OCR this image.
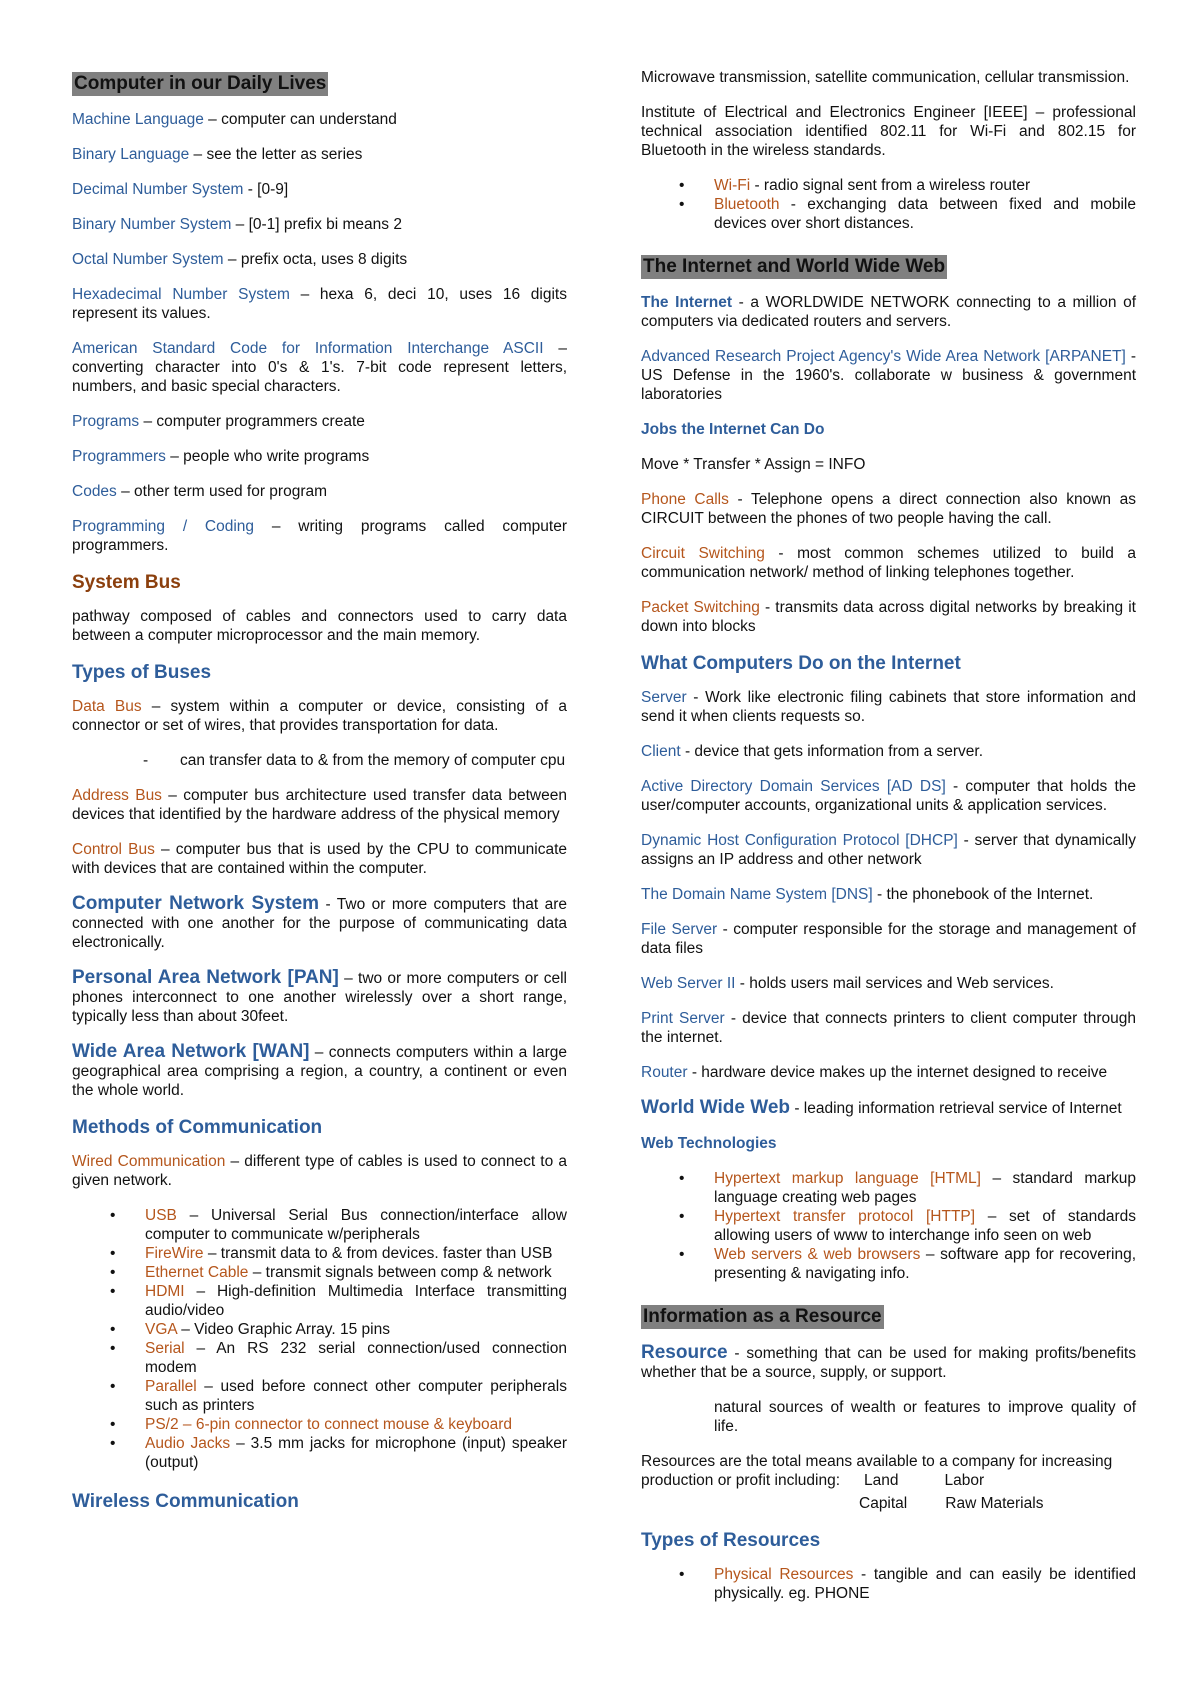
Computer in our Daily Lives

Machine Language – computer can understand

Binary Language – see the letter as series

Decimal Number System - [0-9]

Binary Number System – [0-1] prefix bi means 2

Octal Number System – prefix octa, uses 8 digits

Hexadecimal Number System – hexa 6, deci 10, uses 16 digits represent its values.

American Standard Code for Information Interchange ASCII – converting character into 0's & 1's. 7-bit code represent letters, numbers, and basic special characters.

Programs – computer programmers create

Programmers – people who write programs

Codes – other term used for program

Programming / Coding – writing programs called computer programmers.

System Bus

pathway composed of cables and connectors used to carry data between a computer microprocessor and the main memory.

Types of Buses

Data Bus – system within a computer or device, consisting of a connector or set of wires, that provides transportation for data.

- can transfer data to & from the memory of computer cpu

Address Bus – computer bus architecture used transfer data between devices that identified by the hardware address of the physical memory

Control Bus – computer bus that is used by the CPU to communicate with devices that are contained within the computer.

Computer Network System - Two or more computers that are connected with one another for the purpose of communicating data electronically.

Personal Area Network [PAN] – two or more computers or cell phones interconnect to one another wirelessly over a short range, typically less than about 30feet.

Wide Area Network [WAN] – connects computers within a large geographical area comprising a region, a country, a continent or even the whole world.

Methods of Communication

Wired Communication – different type of cables is used to connect to a given network.

• USB – Universal Serial Bus connection/interface allow computer to communicate w/peripherals
• FireWire – transmit data to & from devices. faster than USB
• Ethernet Cable – transmit signals between comp & network
• HDMI – High-definition Multimedia Interface transmitting audio/video
• VGA – Video Graphic Array. 15 pins
• Serial – An RS 232 serial connection/used connection modem
• Parallel – used before connect other computer peripherals such as printers
• PS/2 – 6-pin connector to connect mouse & keyboard
• Audio Jacks – 3.5 mm jacks for microphone (input) speaker (output)
Wireless Communication

Microwave transmission, satellite communication, cellular transmission.

Institute of Electrical and Electronics Engineer [IEEE] – professional technical association identified 802.11 for Wi-Fi and 802.15 for Bluetooth in the wireless standards.

• Wi-Fi - radio signal sent from a wireless router
• Bluetooth - exchanging data between fixed and mobile devices over short distances.
The Internet and World Wide Web

The Internet - a WORLDWIDE NETWORK connecting to a million of computers via dedicated routers and servers.

Advanced Research Project Agency's Wide Area Network [ARPANET] - US Defense in the 1960's. collaborate w business & government laboratories

Jobs the Internet Can Do

Move * Transfer * Assign = INFO

Phone Calls - Telephone opens a direct connection also known as CIRCUIT between the phones of two people having the call.

Circuit Switching - most common schemes utilized to build a communication network/ method of linking telephones together.

Packet Switching - transmits data across digital networks by breaking it down into blocks

What Computers Do on the Internet

Server - Work like electronic filing cabinets that store information and send it when clients requests so.

Client - device that gets information from a server.

Active Directory Domain Services [AD DS] - computer that holds the user/computer accounts, organizational units & application services.

Dynamic Host Configuration Protocol [DHCP] - server that dynamically assigns an IP address and other network

The Domain Name System [DNS] - the phonebook of the Internet.

File Server - computer responsible for the storage and management of data files

Web Server II - holds users mail services and Web services.

Print Server - device that connects printers to client computer through the internet.

Router - hardware device makes up the internet designed to receive

World Wide Web - leading information retrieval service of Internet

Web Technologies
• Hypertext markup language [HTML] – standard markup language creating web pages
• Hypertext transfer protocol [HTTP] – set of standards allowing users of www to interchange info seen on web
• Web servers & web browsers – software app for recovering, presenting & navigating info.
Information as a Resource

Resource - something that can be used for making profits/benefits whether that be a source, supply, or support.

natural sources of wealth or features to improve quality of life.

Resources are the total means available to a company for increasing production or profit including: Land	Labor

Capital Raw Materials
Types of Resources
• Physical Resources - tangible and can easily be identified physically. eg. PHONE
